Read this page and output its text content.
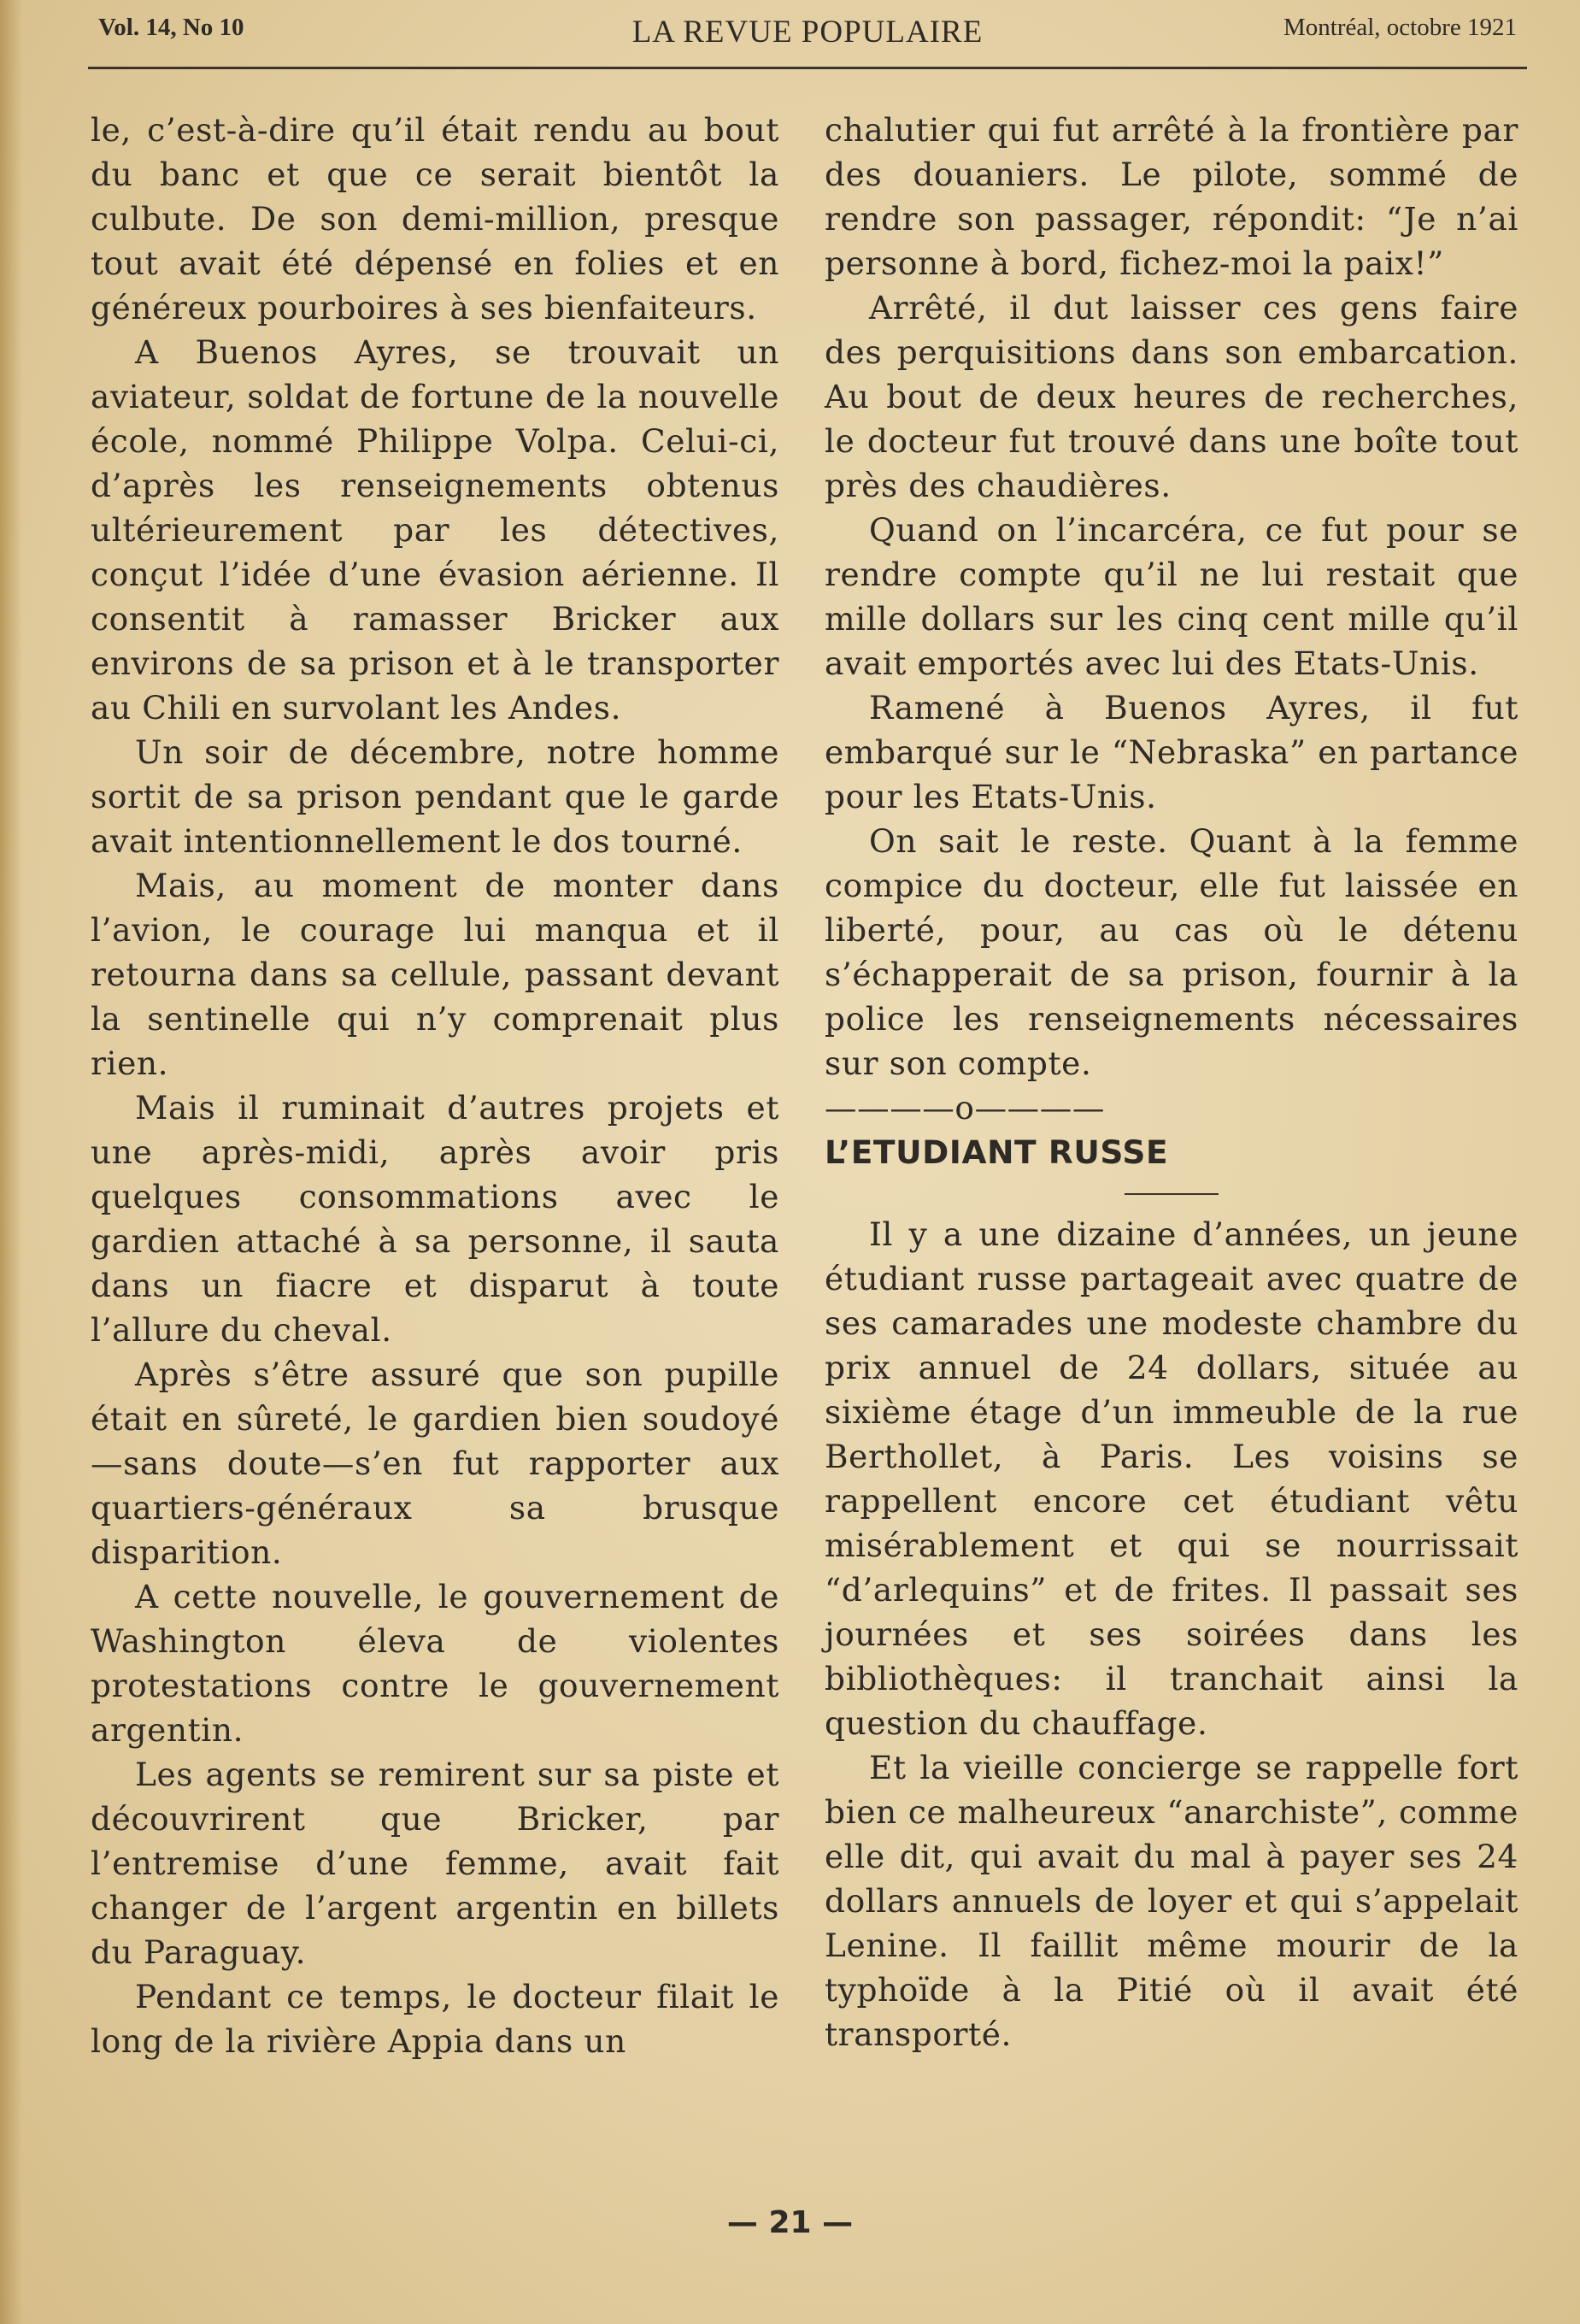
Vol. 14, No 10	LA REVUE POPULAIRE	Montréal, octobre 1921

le, c’est-à-dire qu’il était rendu au bout du banc et que ce serait bientôt la culbute. De son demi-million, presque tout avait été dépensé en folies et en généreux pourboires à ses bienfaiteurs.

A Buenos Ayres, se trouvait un aviateur, soldat de fortune de la nouvelle école, nommé Philippe Volpa. Celui-ci, d’après les renseignements obtenus ultérieurement par les détectives, conçut l’idée d’une évasion aérienne. Il consentit à ramasser Bricker aux environs de sa prison et à le transporter au Chili en survolant les Andes.

Un soir de décembre, notre homme sortit de sa prison pendant que le garde avait intentionnellement le dos tourné.

Mais, au moment de monter dans l’avion, le courage lui manqua et il retourna dans sa cellule, passant devant la sentinelle qui n’y comprenait plus rien.

Mais il ruminait d’autres projets et une après-midi, après avoir pris quelques consommations avec le gardien attaché à sa personne, il sauta dans un fiacre et disparut à toute l’allure du cheval.

Après s’être assuré que son pupille était en sûreté, le gardien bien soudoyé—sans doute—s’en fut rapporter aux quartiers-généraux sa brusque disparition.

A cette nouvelle, le gouvernement de Washington éleva de violentes protestations contre le gouvernement argentin.

Les agents se remirent sur sa piste et découvrirent que Bricker, par l’entremise d’une femme, avait fait changer de l’argent argentin en billets du Paraguay.

Pendant ce temps, le docteur filait le long de la rivière Appia dans un

chalutier qui fut arrêté à la frontière par des douaniers. Le pilote, sommé de rendre son passager, répondit: “Je n’ai personne à bord, fichez-moi la paix!”

Arrêté, il dut laisser ces gens faire des perquisitions dans son embarcation. Au bout de deux heures de recherches, le docteur fut trouvé dans une boîte tout près des chaudières.

Quand on l’incarcéra, ce fut pour se rendre compte qu’il ne lui restait que mille dollars sur les cinq cent mille qu’il avait emportés avec lui des Etats-Unis.

Ramené à Buenos Ayres, il fut embarqué sur le “Nebraska” en partance pour les Etats-Unis.

On sait le reste. Quant à la femme compice du docteur, elle fut laissée en liberté, pour, au cas où le détenu s’échapperait de sa prison, fournir à la police les renseignements nécessaires sur son compte.

————o————

L’ETUDIANT RUSSE

Il y a une dizaine d’années, un jeune étudiant russe partageait avec quatre de ses camarades une modeste chambre du prix annuel de 24 dollars, située au sixième étage d’un immeuble de la rue Berthollet, à Paris. Les voisins se rappellent encore cet étudiant vêtu misérablement et qui se nourrissait “d’arlequins” et de frites. Il passait ses journées et ses soirées dans les bibliothèques: il tranchait ainsi la question du chauffage.

Et la vieille concierge se rappelle fort bien ce malheureux “anarchiste”, comme elle dit, qui avait du mal à payer ses 24 dollars annuels de loyer et qui s’appelait Lenine. Il faillit même mourir de la typhoïde à la Pitié où il avait été transporté.

— 21 —
